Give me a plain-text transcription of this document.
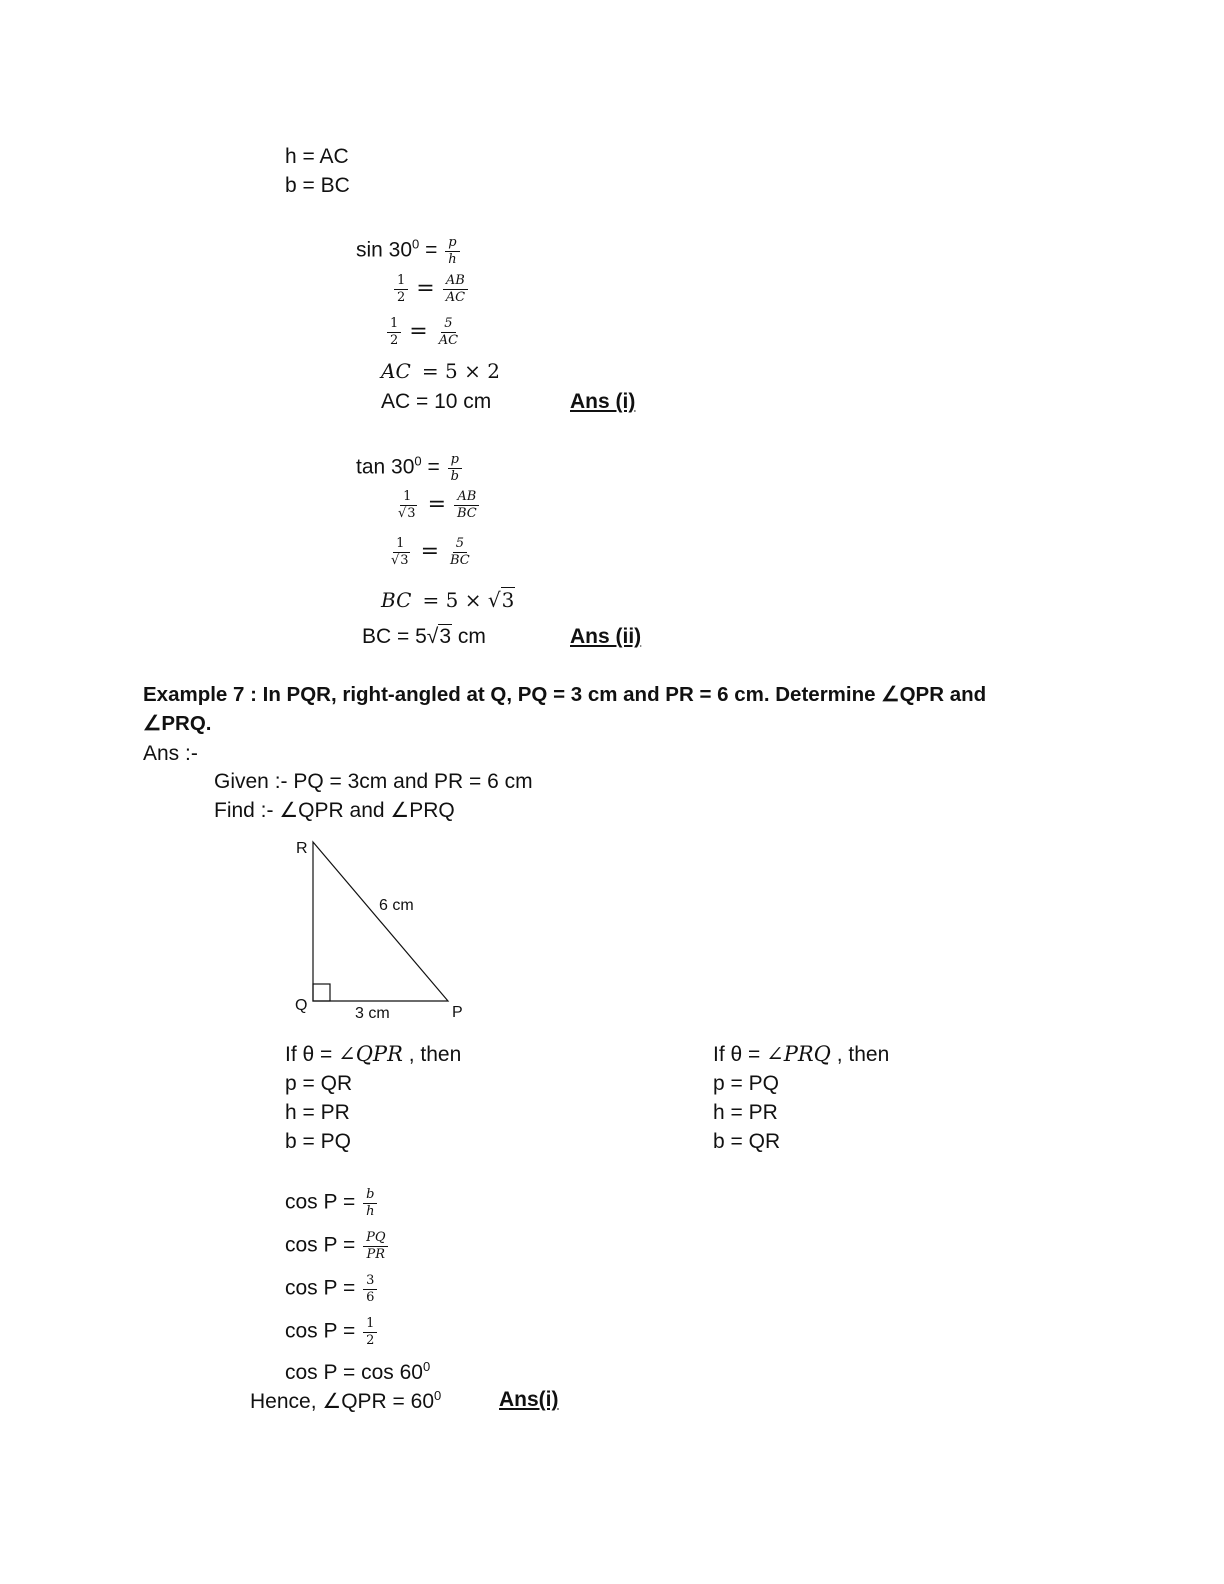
h = AC
b = BC
$\sin 30^0 = \frac{p}{h}$
$\frac{1}{2} = \frac{AB}{AC}$
$\frac{1}{2} = \frac{5}{AC}$
AC = 5 × 2
AC = 10 cm	Ans (i)
$\tan 30^0 = \frac{p}{b}$
$\frac{1}{√3} = \frac{AB}{BC}$
$\frac{1}{√3} = \frac{5}{BC}$
BC = 5 × √3
BC = 5√3 cm	Ans (ii)
Example 7 : In PQR, right-angled at Q, PQ = 3 cm and PR = 6 cm. Determine ∠QPR and
∠PRQ.
Ans :-
Given :- PQ = 3cm and PR = 6 cm
Find :- ∠QPR and ∠PRQ
R
Q	P
6 cm
3 cm
If θ = ∠QPR , then
p = QR
h = PR
b = PQ
If θ = ∠PRQ , then
p = PQ
h = PR
b = QR
$\cos P = \frac{b}{h}$
$\cos P = \frac{PQ}{PR}$
$\cos P = \frac{3}{6}$
$\cos P = \frac{1}{2}$
$\cos P = \cos 60^0$
Hence, ∠QPR = $60^0$	Ans(i)
